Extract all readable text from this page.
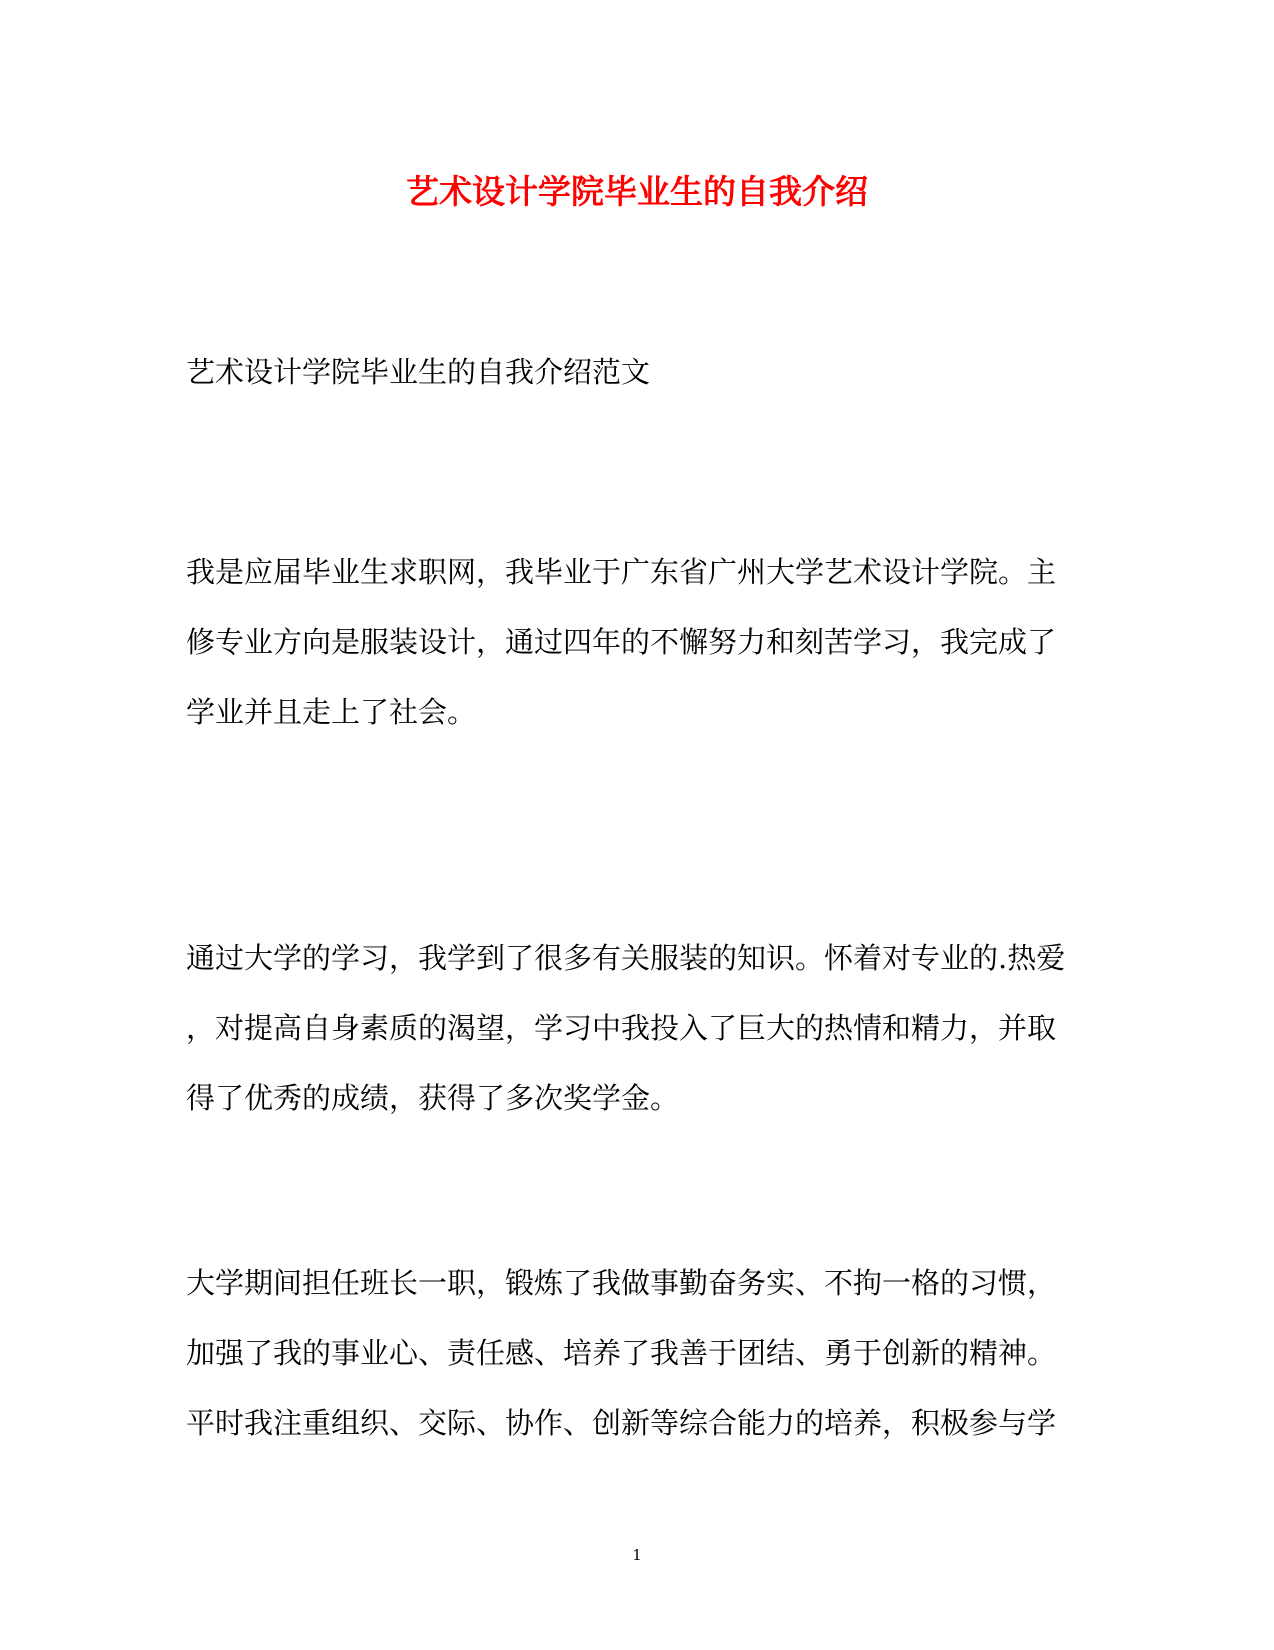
艺术设计学院毕业生的自我介绍

艺术设计学院毕业生的自我介绍范文

我是应届毕业生求职网，我毕业于广东省广州大学艺术设计学院。主
修专业方向是服装设计，通过四年的不懈努力和刻苦学习，我完成了
学业并且走上了社会。
通过大学的学习，我学到了很多有关服装的知识。怀着对专业的.热爱
，对提高自身素质的渴望，学习中我投入了巨大的热情和精力，并取
得了优秀的成绩，获得了多次奖学金。
大学期间担任班长一职，锻炼了我做事勤奋务实、不拘一格的习惯，
加强了我的事业心、责任感、培养了我善于团结、勇于创新的精神。
平时我注重组织、交际、协作、创新等综合能力的培养，积极参与学

1
